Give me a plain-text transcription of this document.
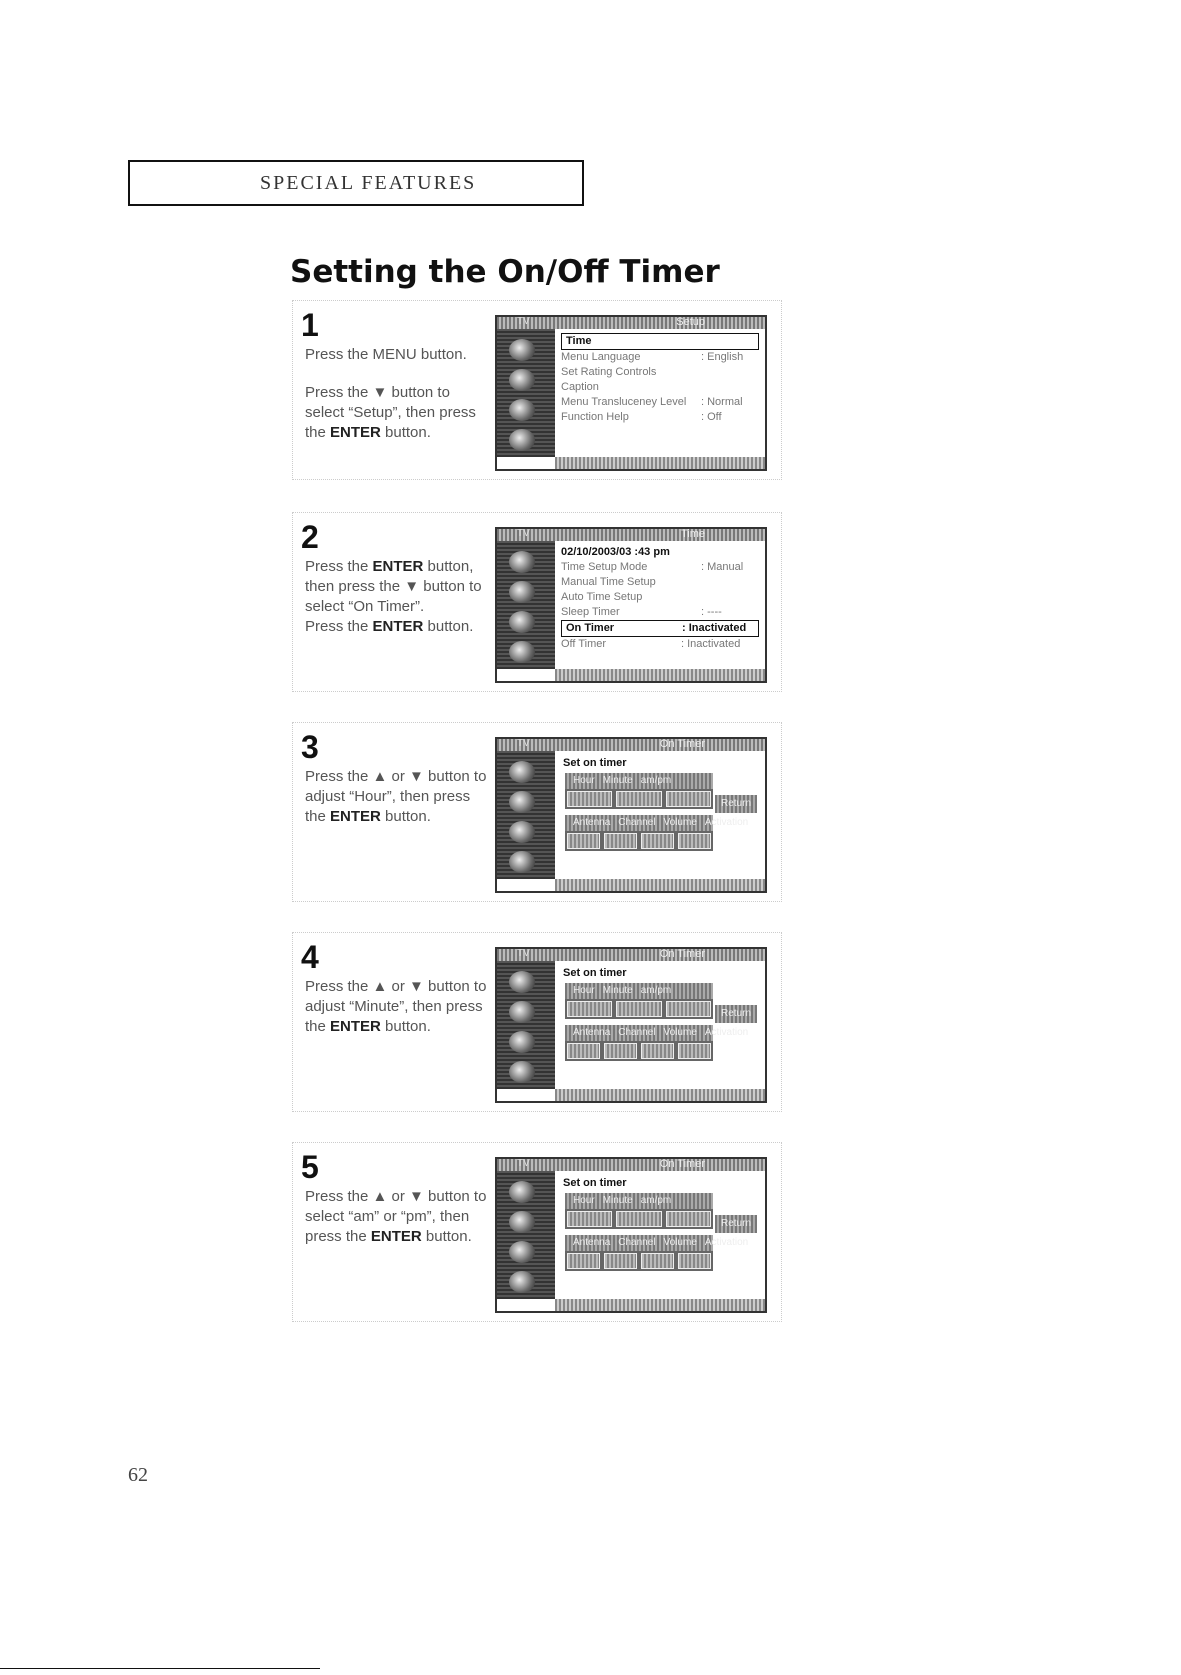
SPECIAL FEATURES
Setting the On/Off Timer
1

Press the MENU button.

Press the ▼ button to select “Setup”, then press the ENTER button.

TV	Setup
Time
Menu Language	: English
Set Rating Controls
Caption
Menu Transluceney Level : Normal
Function Help	: Off
2

Press the ENTER button, then press the ▼ button to select “On Timer”.
Press the ENTER button.

TV	Time
02/10/2003/03 :43 pm
Time Setup Mode	: Manual
Manual Time Setup
Auto Time Setup
Sleep Timer	: ----
On Timer	: Inactivated
Off Timer	: Inactivated
3

Press the ▲ or ▼ button to adjust “Hour”, then press the ENTER button.

TV	On Timer
Set on timer
Hour Minute am/pm
Antenna Channel Volume Activation
Return
4

Press the ▲ or ▼ button to adjust “Minute”, then press the ENTER button.

TV	On Timer
Set on timer
Hour Minute am/pm
Antenna Channel Volume Activation
Return
5

Press the ▲ or ▼ button to select “am” or “pm”, then press the ENTER button.

TV	On Timer
Set on timer
Hour Minute am/pm
Antenna Channel Volume Activation
Return
62
